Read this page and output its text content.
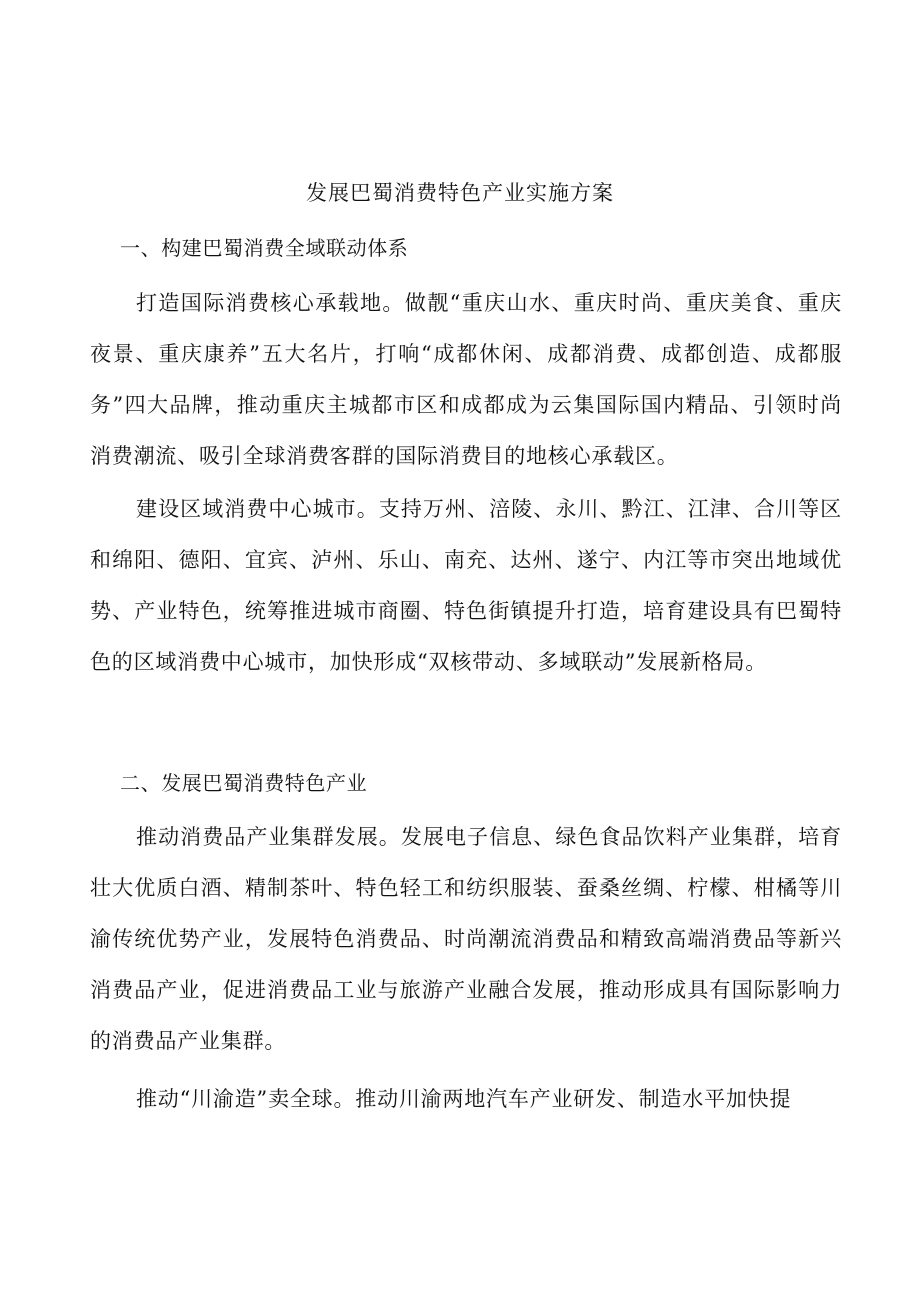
发展巴蜀消费特色产业实施方案
一、构建巴蜀消费全域联动体系

打造国际消费核心承载地。做靓“重庆山水、重庆时尚、重庆美食、重庆夜景、重庆康养”五大名片，打响“成都休闲、成都消费、成都创造、成都服务”四大品牌，推动重庆主城都市区和成都成为云集国际国内精品、引领时尚消费潮流、吸引全球消费客群的国际消费目的地核心承载区。

建设区域消费中心城市。支持万州、涪陵、永川、黔江、江津、合川等区和绵阳、德阳、宜宾、泸州、乐山、南充、达州、遂宁、内江等市突出地域优势、产业特色，统筹推进城市商圈、特色街镇提升打造，培育建设具有巴蜀特色的区域消费中心城市，加快形成“双核带动、多域联动”发展新格局。

二、发展巴蜀消费特色产业

推动消费品产业集群发展。发展电子信息、绿色食品饮料产业集群，培育壮大优质白酒、精制茶叶、特色轻工和纺织服装、蚕桑丝绸、柠檬、柑橘等川渝传统优势产业，发展特色消费品、时尚潮流消费品和精致高端消费品等新兴消费品产业，促进消费品工业与旅游产业融合发展，推动形成具有国际影响力的消费品产业集群。

推动“川渝造”卖全球。推动川渝两地汽车产业研发、制造水平加快提
